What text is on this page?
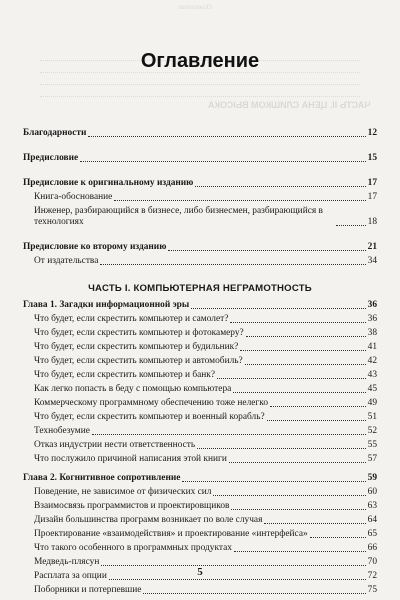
Оглавление
ЧАСТЬ II. ЦЕНА СЛИШКОМ ВЫСОКА
Оглавление
Благодарности	12
Предисловие	15
Предисловие к оригинальному изданию	17
Книга-обоснование	17
Инженер, разбирающийся в бизнесе, либо бизнесмен, разбирающийся в технологиях	18
Предисловие ко второму изданию	21
От издательства	34
ЧАСТЬ I. КОМПЬЮТЕРНАЯ НЕГРАМОТНОСТЬ
Глава 1. Загадки информационной эры	36
Что будет, если скрестить компьютер и самолет?	36
Что будет, если скрестить компьютер и фотокамеру?	38
Что будет, если скрестить компьютер и будильник?	41
Что будет, если скрестить компьютер и автомобиль?	42
Что будет, если скрестить компьютер и банк?	43
Как легко попасть в беду с помощью компьютера	45
Коммерческому программному обеспечению тоже нелегко	49
Что будет, если скрестить компьютер и военный корабль?	51
Технобезумие	52
Отказ индустрии нести ответственность	55
Что послужило причиной написания этой книги	57
Глава 2. Когнитивное сопротивление	59
Поведение, не зависимое от физических сил	60
Взаимосвязь программистов и проектировщиков	63
Дизайн большинства программ возникает по воле случая	64
Проектирование «взаимодействия» и проектирование «интерфейса»	65
Что такого особенного в программных продуктах	66
Медведь-плясун	70
Расплата за опции	72
Поборники и потерпевшие	75
5
